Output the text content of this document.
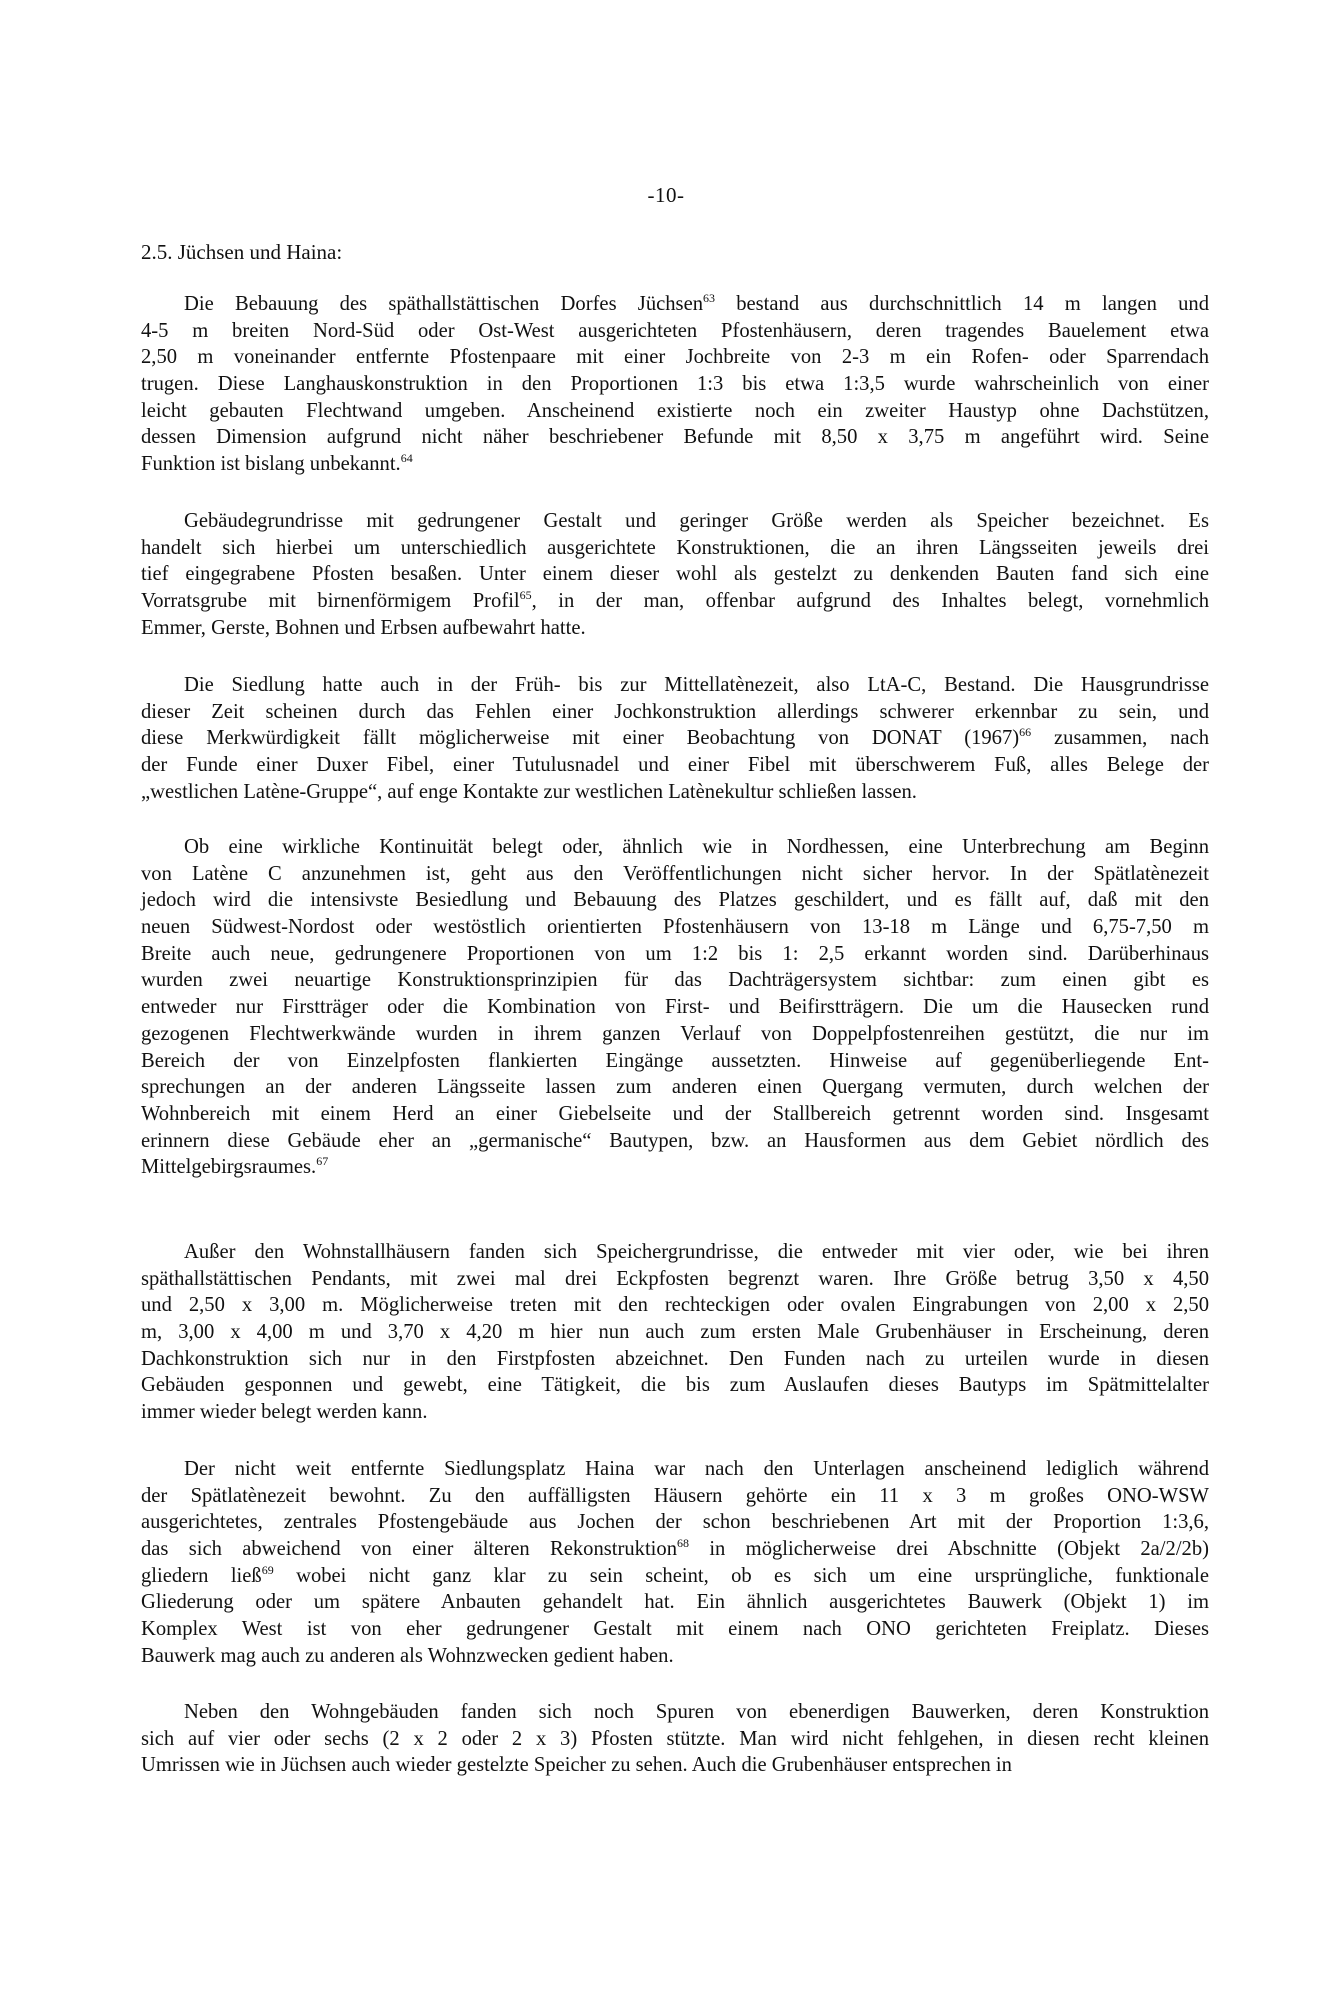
-10-
2.5. Jüchsen und Haina:
Die Bebauung des späthallstättischen Dorfes Jüchsen$^{63}$ bestand aus durchschnittlich 14 m langen und
4-5 m breiten Nord-Süd oder Ost-West ausgerichteten Pfostenhäusern, deren tragendes Bauelement etwa
2,50 m voneinander entfernte Pfostenpaare mit einer Jochbreite von 2-3 m ein Rofen- oder Sparrendach
trugen. Diese Langhauskonstruktion in den Proportionen 1:3 bis etwa 1:3,5 wurde wahrscheinlich von einer
leicht gebauten Flechtwand umgeben. Anscheinend existierte noch ein zweiter Haustyp ohne Dachstützen,
dessen Dimension aufgrund nicht näher beschriebener Befunde mit 8,50 x 3,75 m angeführt wird. Seine
Funktion ist bislang unbekannt.$^{64}$
Gebäudegrundrisse mit gedrungener Gestalt und geringer Größe werden als Speicher bezeichnet. Es
handelt sich hierbei um unterschiedlich ausgerichtete Konstruktionen, die an ihren Längsseiten jeweils drei
tief eingegrabene Pfosten besaßen. Unter einem dieser wohl als gestelzt zu denkenden Bauten fand sich eine
Vorratsgrube mit birnenförmigem Profil$^{65}$, in der man, offenbar aufgrund des Inhaltes belegt, vornehmlich
Emmer, Gerste, Bohnen und Erbsen aufbewahrt hatte.
Die Siedlung hatte auch in der Früh- bis zur Mittellatènezeit, also LtA-C, Bestand. Die Hausgrundrisse
dieser Zeit scheinen durch das Fehlen einer Jochkonstruktion allerdings schwerer erkennbar zu sein, und
diese Merkwürdigkeit fällt möglicherweise mit einer Beobachtung von DONAT $(1967)^{66}$ zusammen, nach
der Funde einer Duxer Fibel, einer Tutulusnadel und einer Fibel mit überschwerem Fuß, alles Belege der
„westlichen Latène-Gruppe“, auf enge Kontakte zur westlichen Latènekultur schließen lassen.
Ob eine wirkliche Kontinuität belegt oder, ähnlich wie in Nordhessen, eine Unterbrechung am Beginn
von Latène C anzunehmen ist, geht aus den Veröffentlichungen nicht sicher hervor. In der Spätlatènezeit
jedoch wird die intensivste Besiedlung und Bebauung des Platzes geschildert, und es fällt auf, daß mit den
neuen Südwest-Nordost oder westöstlich orientierten Pfostenhäusern von 13-18 m Länge und 6,75-7,50 m
Breite auch neue, gedrungenere Proportionen von um 1:2 bis 1: 2,5 erkannt worden sind. Darüberhinaus
wurden zwei neuartige Konstruktionsprinzipien für das Dachträgersystem sichtbar: zum einen gibt es
entweder nur Firstträger oder die Kombination von First- und Beifirstträgern. Die um die Hausecken rund
gezogenen Flechtwerkwände wurden in ihrem ganzen Verlauf von Doppelpfostenreihen gestützt, die nur im
Bereich der von Einzelpfosten flankierten Eingänge aussetzten. Hinweise auf gegenüberliegende Ent-
sprechungen an der anderen Längsseite lassen zum anderen einen Quergang vermuten, durch welchen der
Wohnbereich mit einem Herd an einer Giebelseite und der Stallbereich getrennt worden sind. Insgesamt
erinnern diese Gebäude eher an „germanische“ Bautypen, bzw. an Hausformen aus dem Gebiet nördlich des
Mittelgebirgsraumes.$^{67}$
Außer den Wohnstallhäusern fanden sich Speichergrundrisse, die entweder mit vier oder, wie bei ihren
späthallstättischen Pendants, mit zwei mal drei Eckpfosten begrenzt waren. Ihre Größe betrug 3,50 x 4,50
und 2,50 x 3,00 m. Möglicherweise treten mit den rechteckigen oder ovalen Eingrabungen von 2,00 x 2,50
m, 3,00 x 4,00 m und 3,70 x 4,20 m hier nun auch zum ersten Male Grubenhäuser in Erscheinung, deren
Dachkonstruktion sich nur in den Firstpfosten abzeichnet. Den Funden nach zu urteilen wurde in diesen
Gebäuden gesponnen und gewebt, eine Tätigkeit, die bis zum Auslaufen dieses Bautyps im Spätmittelalter
immer wieder belegt werden kann.
Der nicht weit entfernte Siedlungsplatz Haina war nach den Unterlagen anscheinend lediglich während
der Spätlatènezeit bewohnt. Zu den auffälligsten Häusern gehörte ein 11 x 3 m großes ONO-WSW
ausgerichtetes, zentrales Pfostengebäude aus Jochen der schon beschriebenen Art mit der Proportion 1:3,6,
das sich abweichend von einer älteren Rekonstruktion$^{68}$ in möglicherweise drei Abschnitte (Objekt 2a/2/2b)
gliedern ließ$^{69}$ wobei nicht ganz klar zu sein scheint, ob es sich um eine ursprüngliche, funktionale
Gliederung oder um spätere Anbauten gehandelt hat. Ein ähnlich ausgerichtetes Bauwerk (Objekt 1) im
Komplex West ist von eher gedrungener Gestalt mit einem nach ONO gerichteten Freiplatz. Dieses
Bauwerk mag auch zu anderen als Wohnzwecken gedient haben.
Neben den Wohngebäuden fanden sich noch Spuren von ebenerdigen Bauwerken, deren Konstruktion
sich auf vier oder sechs (2 x 2 oder 2 x 3) Pfosten stützte. Man wird nicht fehlgehen, in diesen recht kleinen
Umrissen wie in Jüchsen auch wieder gestelzte Speicher zu sehen. Auch die Grubenhäuser entsprechen in
